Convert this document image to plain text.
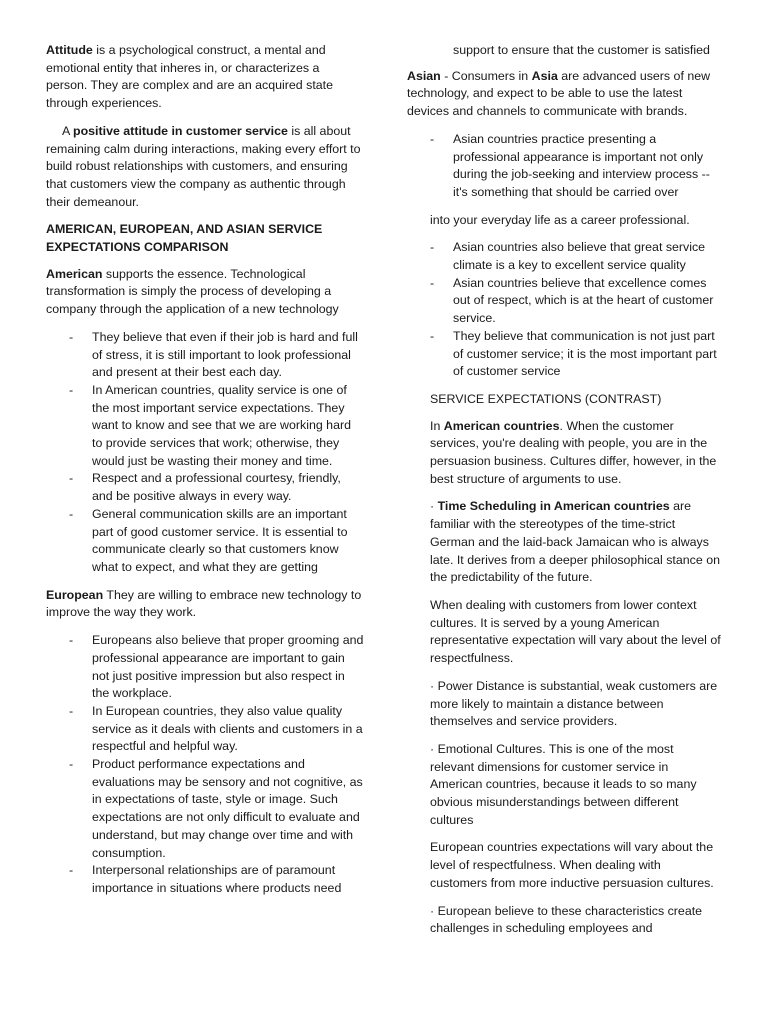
Attitude is a psychological construct, a mental and emotional entity that inheres in, or characterizes a person. They are complex and are an acquired state through experiences.

A positive attitude in customer service is all about remaining calm during interactions, making every effort to build robust relationships with customers, and ensuring that customers view the company as authentic through their demeanour.

AMERICAN, EUROPEAN, AND ASIAN SERVICE EXPECTATIONS COMPARISON

American supports the essence. Technological transformation is simply the process of developing a company through the application of a new technology

- They believe that even if their job is hard and full of stress, it is still important to look professional and present at their best each day.
- In American countries, quality service is one of the most important service expectations. They want to know and see that we are working hard to provide services that work; otherwise, they would just be wasting their money and time.
- Respect and a professional courtesy, friendly, and be positive always in every way.
- General communication skills are an important part of good customer service. It is essential to communicate clearly so that customers know what to expect, and what they are getting

European They are willing to embrace new technology to improve the way they work.

- Europeans also believe that proper grooming and professional appearance are important to gain not just positive impression but also respect in the workplace.
- In European countries, they also value quality service as it deals with clients and customers in a respectful and helpful way.
- Product performance expectations and evaluations may be sensory and not cognitive, as in expectations of taste, style or image. Such expectations are not only difficult to evaluate and understand, but may change over time and with consumption.
- Interpersonal relationships are of paramount importance in situations where products need

support to ensure that the customer is satisfied

Asian - Consumers in Asia are advanced users of new technology, and expect to be able to use the latest devices and channels to communicate with brands.

- Asian countries practice presenting a professional appearance is important not only during the job-seeking and interview process -- it's something that should be carried over

into your everyday life as a career professional.

- Asian countries also believe that great service climate is a key to excellent service quality
- Asian countries believe that excellence comes out of respect, which is at the heart of customer service.
- They believe that communication is not just part of customer service; it is the most important part of customer service

SERVICE EXPECTATIONS (CONTRAST)

In American countries. When the customer services, you're dealing with people, you are in the persuasion business. Cultures differ, however, in the best structure of arguments to use.

· Time Scheduling in American countries are familiar with the stereotypes of the time-strict German and the laid-back Jamaican who is always late. It derives from a deeper philosophical stance on the predictability of the future.

When dealing with customers from lower context cultures. It is served by a young American representative expectation will vary about the level of respectfulness.

· Power Distance is substantial, weak customers are more likely to maintain a distance between themselves and service providers.

· Emotional Cultures. This is one of the most relevant dimensions for customer service in American countries, because it leads to so many obvious misunderstandings between different cultures

European countries expectations will vary about the level of respectfulness. When dealing with customers from more inductive persuasion cultures.

· European believe to these characteristics create challenges in scheduling employees and
